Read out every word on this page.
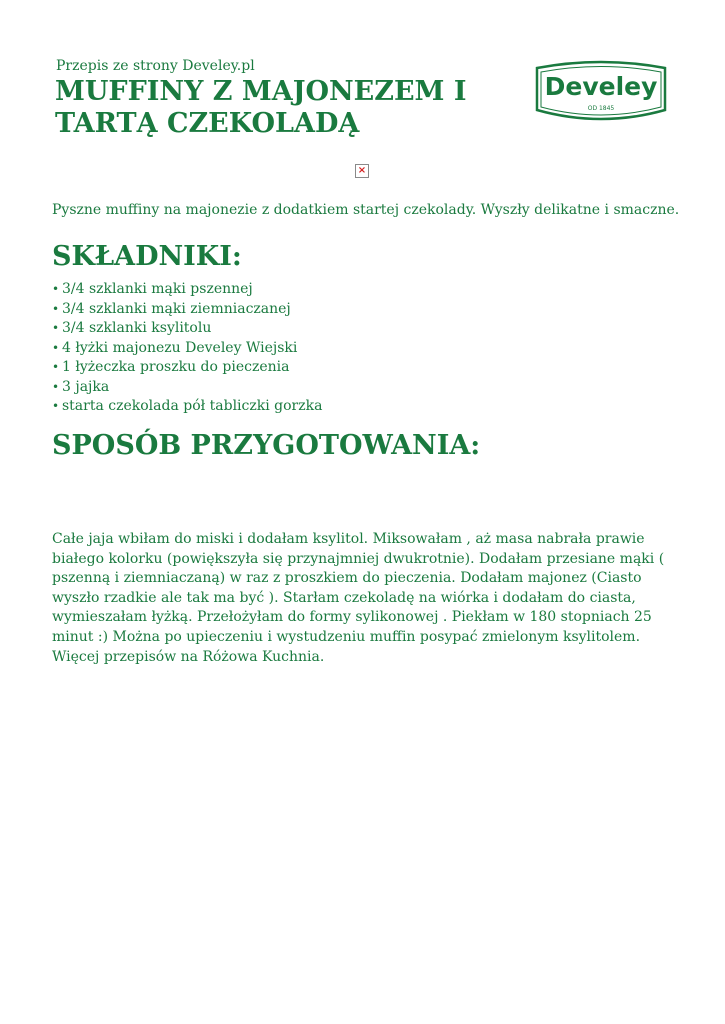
Przepis ze strony Develey.pl
MUFFINY Z MAJONEZEM I TARTĄ CZEKOLADĄ
Develey
OD 1845
×

Pyszne muffiny na majonezie z dodatkiem startej czekolady. Wyszły delikatne i smaczne.

SKŁADNIKI:
• 3/4 szklanki mąki pszennej
• 3/4 szklanki mąki ziemniaczanej
• 3/4 szklanki ksylitolu
• 4 łyżki majonezu Develey Wiejski
• 1 łyżeczka proszku do pieczenia
• 3 jajka
• starta czekolada pół tabliczki gorzka
SPOSÓB PRZYGOTOWANIA:

Całe jaja wbiłam do miski i dodałam ksylitol. Miksowałam , aż masa nabrała prawie białego kolorku (powiększyła się przynajmniej dwukrotnie). Dodałam przesiane mąki ( pszenną i ziemniaczaną) w raz z proszkiem do pieczenia. Dodałam majonez (Ciasto wyszło rzadkie ale tak ma być ). Starłam czekoladę na wiórka i dodałam do ciasta, wymieszałam łyżką. Przełożyłam do formy sylikonowej . Piekłam w 180 stopniach 25 minut :) Można po upieczeniu i wystudzeniu muffin posypać zmielonym ksylitolem. Więcej przepisów na Różowa Kuchnia.
